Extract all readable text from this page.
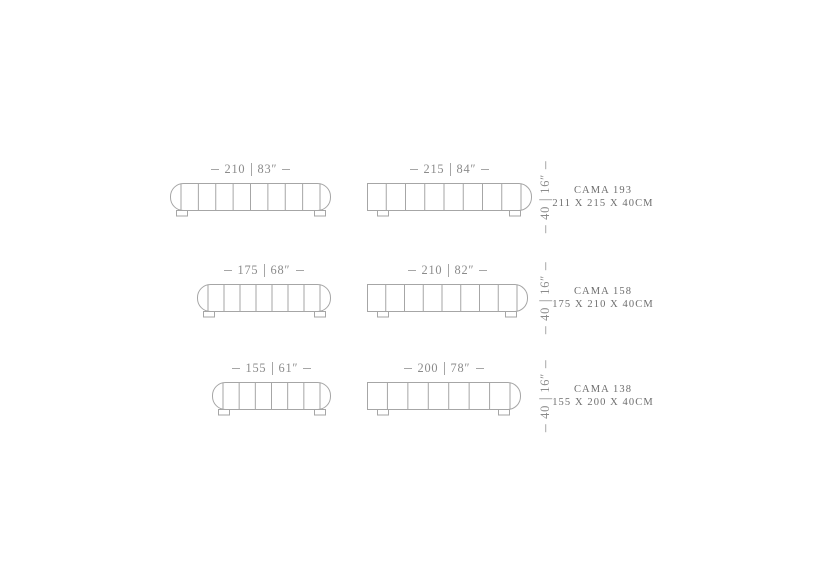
210 83″	215 84″
40
16″	CAMA 193
211 X 215 X 40CM
175 68″	210 82″
40
16″	CAMA 158
175 X 210 X 40CM
155 61″	200 78″
40
16″	CAMA 138
155 X 200 X 40CM
